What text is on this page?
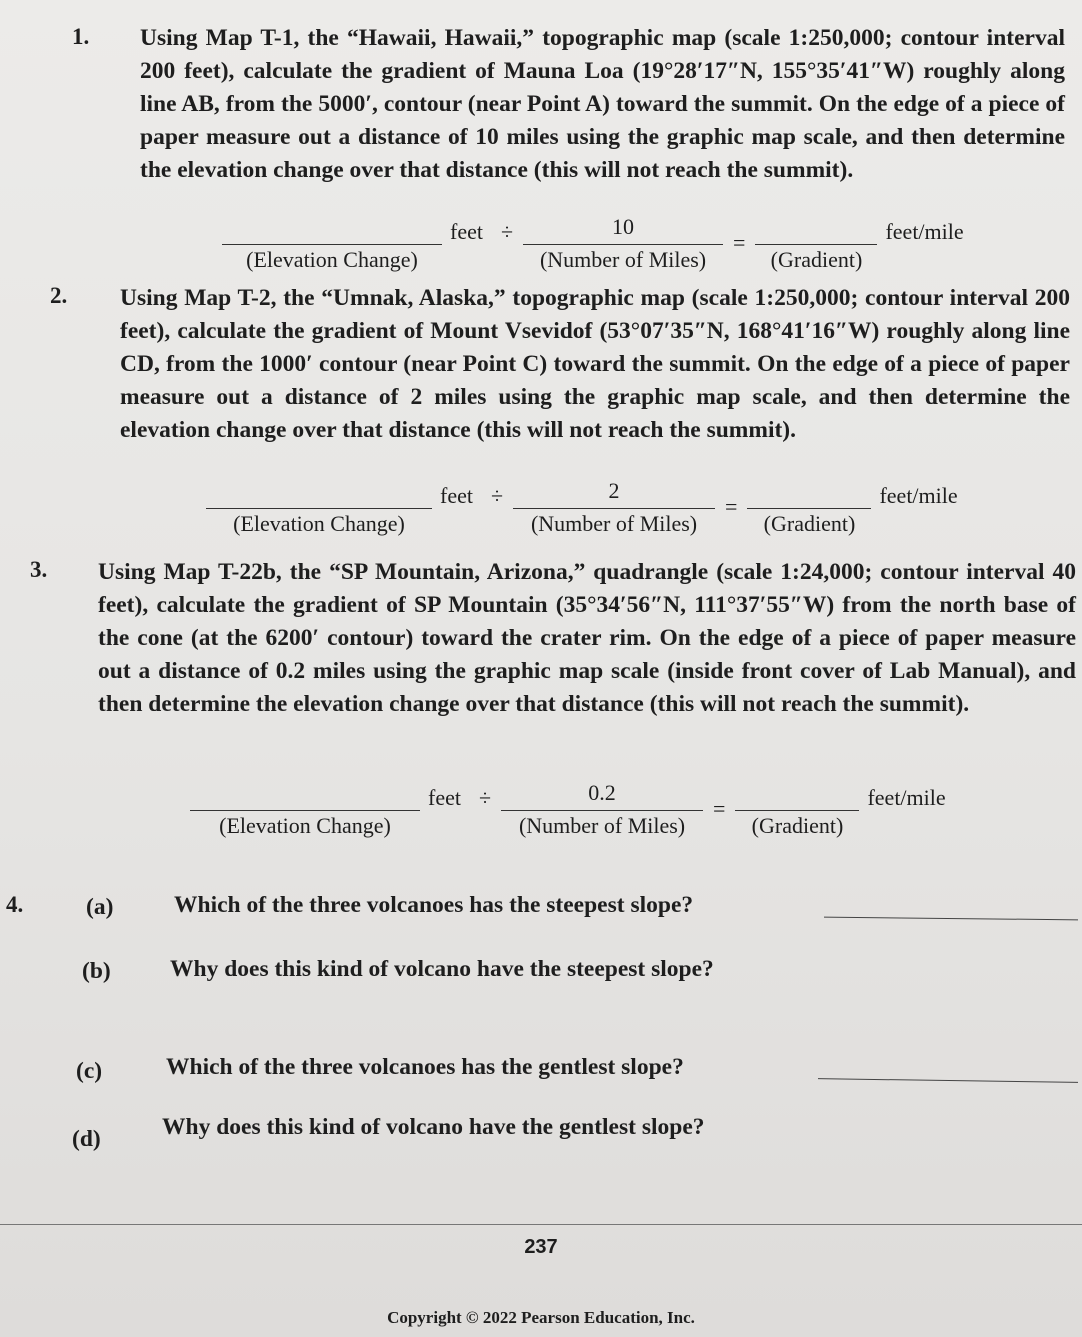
1. Using Map T-1, the “Hawaii, Hawaii,” topographic map (scale 1:250,000; contour interval 200 feet), calculate the gradient of Mauna Loa (19°28′17″N, 155°35′41″W) roughly along line AB, from the 5000′, contour (near Point A) toward the summit. On the edge of a piece of paper measure out a distance of 10 miles using the graphic map scale, and then determine the elevation change over that distance (this will not reach the summit).
(Elevation Change)
feet ÷ $\frac{10}{\text{(Number of Miles)}}$ =
(Gradient)
feet/mile
2. Using Map T-2, the “Umnak, Alaska,” topographic map (scale 1:250,000; contour interval 200 feet), calculate the gradient of Mount Vsevidof (53°07′35″N, 168°41′16″W) roughly along line CD, from the 1000′ contour (near Point C) toward the summit. On the edge of a piece of paper measure out a distance of 2 miles using the graphic map scale, and then determine the elevation change over that distance (this will not reach the summit).
(Elevation Change)
feet ÷ $\frac{2}{\text{(Number of Miles)}}$ =
(Gradient)
feet/mile
3. Using Map T-22b, the “SP Mountain, Arizona,” quadrangle (scale 1:24,000; contour interval 40 feet), calculate the gradient of SP Mountain (35°34′56″N, 111°37′55″W) from the north base of the cone (at the 6200′ contour) toward the crater rim. On the edge of a piece of paper measure out a distance of 0.2 miles using the graphic map scale (inside front cover of Lab Manual), and then determine the elevation change over that distance (this will not reach the summit).
(Elevation Change)
feet ÷ $\frac{0.2}{\text{(Number of Miles)}}$ =
(Gradient)
feet/mile
4.	(a)	Which of the three volcanoes has the steepest slope?
(b)	Why does this kind of volcano have the steepest slope?
(c)	Which of the three volcanoes has the gentlest slope?
(d)	Why does this kind of volcano have the gentlest slope?
237
Copyright © 2022 Pearson Education, Inc.
